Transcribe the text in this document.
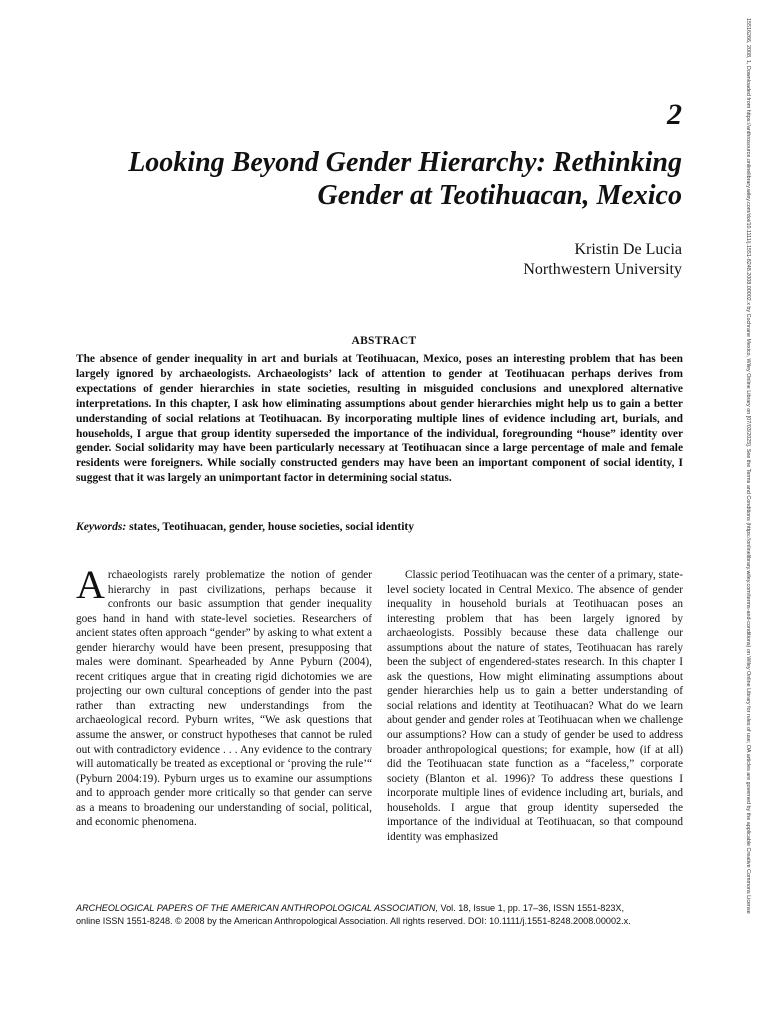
2
Looking Beyond Gender Hierarchy: Rethinking
Gender at Teotihuacan, Mexico
Kristin De Lucia
Northwestern University
ABSTRACT

The absence of gender inequality in art and burials at Teotihuacan, Mexico, poses an interesting problem that has been largely ignored by archaeologists. Archaeologists’ lack of attention to gender at Teotihuacan perhaps derives from expectations of gender hierarchies in state societies, resulting in misguided conclusions and unexplored alternative interpretations. In this chapter, I ask how eliminating assumptions about gender hierarchies might help us to gain a better understanding of social relations at Teotihuacan. By incorporating multiple lines of evidence including art, burials, and households, I argue that group identity superseded the importance of the individual, foregrounding “house” identity over gender. Social solidarity may have been particularly necessary at Teotihuacan since a large percentage of male and female residents were foreigners. While socially constructed genders may have been an important component of social identity, I suggest that it was largely an unimportant factor in determining social status.

Keywords: states, Teotihuacan, gender, house societies, social identity

Archaeologists rarely problematize the notion of gender hierarchy in past civilizations, perhaps because it confronts our basic assumption that gender inequality goes hand in hand with state-level societies. Researchers of ancient states often approach “gender” by asking to what extent a gender hierarchy would have been present, presupposing that males were dominant. Spearheaded by Anne Pyburn (2004), recent critiques argue that in creating rigid dichotomies we are projecting our own cultural conceptions of gender into the past rather than extracting new understandings from the archaeological record. Pyburn writes, “We ask questions that assume the answer, or construct hypotheses that cannot be ruled out with contradictory evidence . . . Any evidence to the contrary will automatically be treated as exceptional or ‘proving the rule’“ (Pyburn 2004:19). Pyburn urges us to examine our assumptions and to approach gender more critically so that gender can serve as a means to broadening our understanding of social, political, and economic phenomena.

Classic period Teotihuacan was the center of a primary, state-level society located in Central Mexico. The absence of gender inequality in household burials at Teotihuacan poses an interesting problem that has been largely ignored by archaeologists. Possibly because these data challenge our assumptions about the nature of states, Teotihuacan has rarely been the subject of engendered-states research. In this chapter I ask the questions, How might eliminating assumptions about gender hierarchies help us to gain a better understanding of social relations and identity at Teotihuacan? What do we learn about gender and gender roles at Teotihuacan when we challenge our assumptions? How can a study of gender be used to address broader anthropological questions; for example, how (if at all) did the Teotihuacan state function as a “faceless,” corporate society (Blanton et al. 1996)? To address these questions I incorporate multiple lines of evidence including art, burials, and households. I argue that group identity superseded the importance of the individual at Teotihuacan, so that compound identity was emphasized

ARCHEOLOGICAL PAPERS OF THE AMERICAN ANTHROPOLOGICAL ASSOCIATION, Vol. 18, Issue 1, pp. 17–36, ISSN 1551-823X,
online ISSN 1551-8248. © 2008 by the American Anthropological Association. All rights reserved. DOI: 10.1111/j.1551-8248.2008.00002.x.

15516266, 2008, 1, Downloaded from https://anthrosource.onlinelibrary.wiley.com/doi/10.1111/j.1551-8248.2008.00002.x by Cochrane Mexico, Wiley Online Library on [07/03/2025]. See the Terms and Conditions (https://onlinelibrary.wiley.com/terms-and-conditions) on Wiley Online Library for rules of use; OA articles are governed by the applicable Creative Commons License
